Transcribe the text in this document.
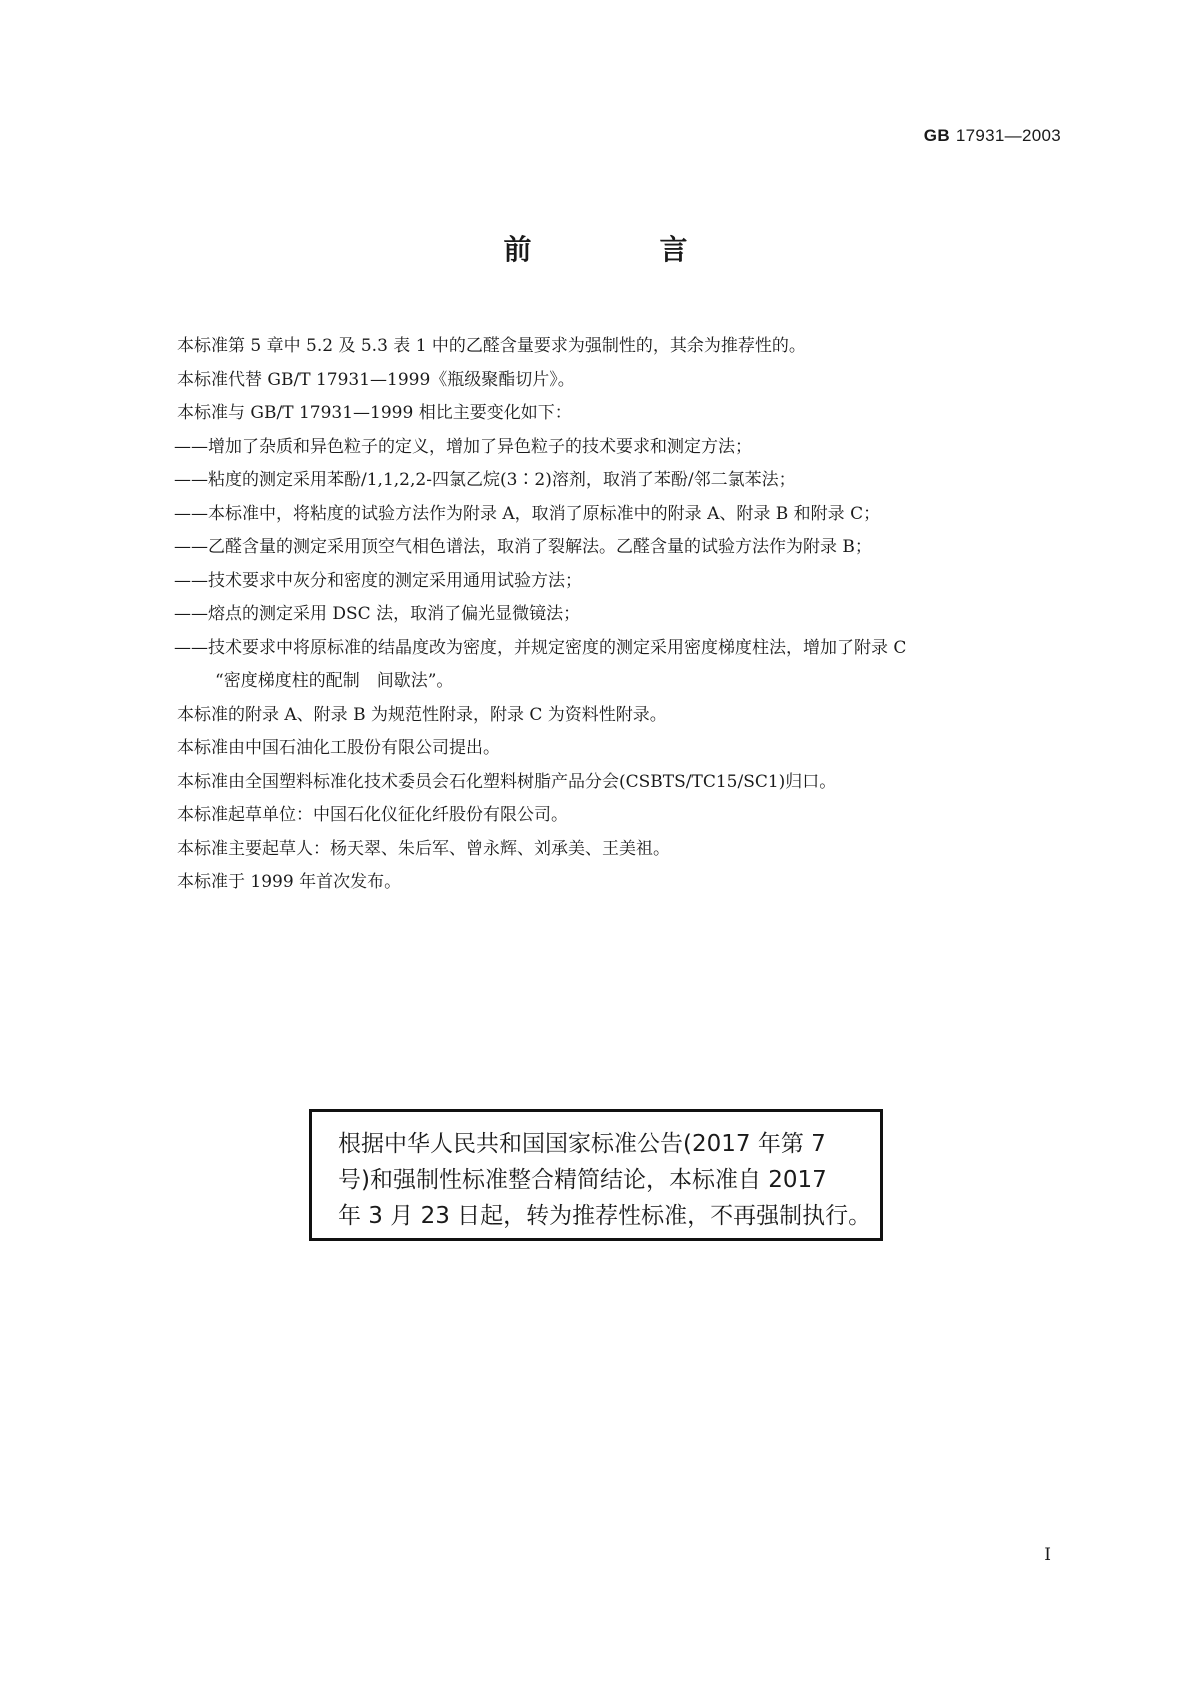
GB 17931—2003
前　言
本标准第 5 章中 5.2 及 5.3 表 1 中的乙醛含量要求为强制性的，其余为推荐性的。
本标准代替 GB/T 17931—1999《瓶级聚酯切片》。
本标准与 GB/T 17931—1999 相比主要变化如下：
——增加了杂质和异色粒子的定义，增加了异色粒子的技术要求和测定方法；
——粘度的测定采用苯酚/1,1,2,2-四氯乙烷(3∶2)溶剂，取消了苯酚/邻二氯苯法；
——本标准中，将粘度的试验方法作为附录 A，取消了原标准中的附录 A、附录 B 和附录 C；
——乙醛含量的测定采用顶空气相色谱法，取消了裂解法。乙醛含量的试验方法作为附录 B；
——技术要求中灰分和密度的测定采用通用试验方法；
——熔点的测定采用 DSC 法，取消了偏光显微镜法；
——技术要求中将原标准的结晶度改为密度，并规定密度的测定采用密度梯度柱法，增加了附录 C
“密度梯度柱的配制　间歇法”。
本标准的附录 A、附录 B 为规范性附录，附录 C 为资料性附录。
本标准由中国石油化工股份有限公司提出。
本标准由全国塑料标准化技术委员会石化塑料树脂产品分会(CSBTS/TC15/SC1)归口。
本标准起草单位：中国石化仪征化纤股份有限公司。
本标准主要起草人：杨天翠、朱后军、曾永辉、刘承美、王美祖。
本标准于 1999 年首次发布。
根据中华人民共和国国家标准公告(2017 年第 7
号)和强制性标准整合精简结论，本标准自 2017
年 3 月 23 日起，转为推荐性标准，不再强制执行。
I
